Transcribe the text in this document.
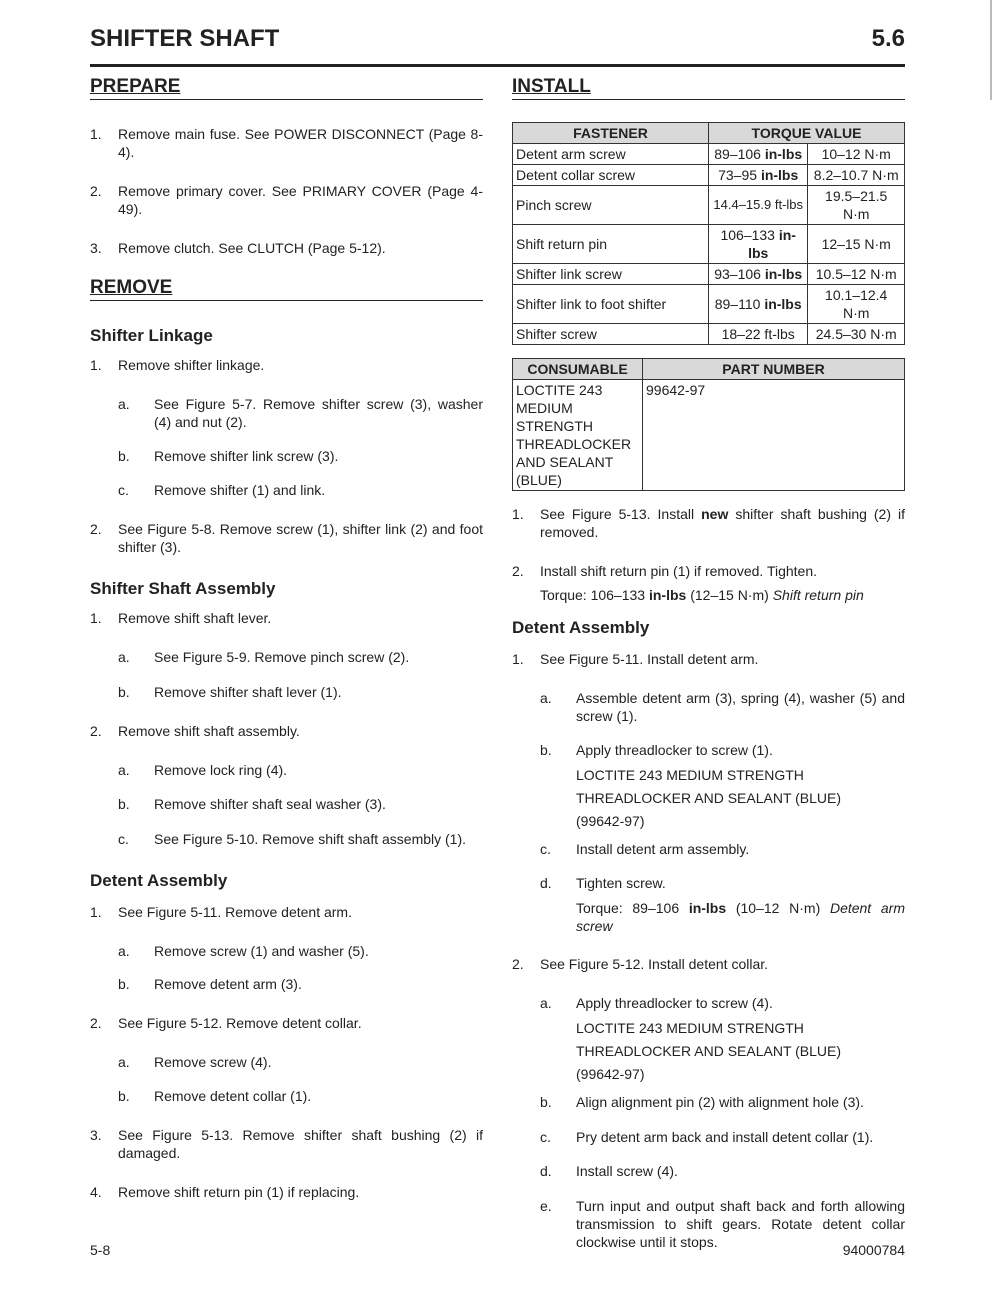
SHIFTER SHAFT	5.6
PREPARE

1. Remove main fuse. See POWER DISCONNECT (Page 8-4).

2. Remove primary cover. See PRIMARY COVER (Page 4-49).

3. Remove clutch. See CLUTCH (Page 5-12).

REMOVE
Shifter Linkage

1. Remove shifter linkage.

a. See Figure 5-7. Remove shifter screw (3), washer (4) and nut (2).

b. Remove shifter link screw (3).

c. Remove shifter (1) and link.

2. See Figure 5-8. Remove screw (1), shifter link (2) and foot shifter (3).

Shifter Shaft Assembly

1. Remove shift shaft lever.

a. See Figure 5-9. Remove pinch screw (2).

b. Remove shifter shaft lever (1).

2. Remove shift shaft assembly.

a. Remove lock ring (4).

b. Remove shifter shaft seal washer (3).

c. See Figure 5-10. Remove shift shaft assembly (1).

Detent Assembly

1. See Figure 5-11. Remove detent arm.

a. Remove screw (1) and washer (5).

b. Remove detent arm (3).

2. See Figure 5-12. Remove detent collar.

a. Remove screw (4).

b. Remove detent collar (1).

3. See Figure 5-13. Remove shifter shaft bushing (2) if damaged.

4. Remove shift return pin (1) if replacing.

INSTALL
FASTENER	TORQUE VALUE	
Detent arm screw	89–106 in-lbs	10–12 N·m
Detent collar screw	73–95 in-lbs	8.2–10.7 N·m
Pinch screw	14.4–15.9 ft-lbs	19.5–21.5 N·m
Shift return pin	106–133 in-lbs	12–15 N·m
Shifter link screw	93–106 in-lbs	10.5–12 N·m
Shifter link to foot shifter	89–110 in-lbs	10.1–12.4 N·m
Shifter screw	18–22 ft-lbs	24.5–30 N·m
CONSUMABLE	PART NUMBER
LOCTITE 243 MEDIUM STRENGTH THREADLOCKER AND SEALANT (BLUE)	99642-97

1. See Figure 5-13. Install new shifter shaft bushing (2) if removed.

2. Install shift return pin (1) if removed. Tighten.

Torque: 106–133 in-lbs (12–15 N·m) Shift return pin

Detent Assembly

1. See Figure 5-11. Install detent arm.

a. Assemble detent arm (3), spring (4), washer (5) and screw (1).

b. Apply threadlocker to screw (1).

LOCTITE 243 MEDIUM STRENGTH
THREADLOCKER AND SEALANT (BLUE)
(99642-97)

c. Install detent arm assembly.

d. Tighten screw.

Torque: 89–106 in-lbs (10–12 N·m) Detent arm screw

2. See Figure 5-12. Install detent collar.

a. Apply threadlocker to screw (4).

LOCTITE 243 MEDIUM STRENGTH
THREADLOCKER AND SEALANT (BLUE)
(99642-97)

b. Align alignment pin (2) with alignment hole (3).

c. Pry detent arm back and install detent collar (1).

d. Install screw (4).

e. Turn input and output shaft back and forth allowing transmission to shift gears. Rotate detent collar clockwise until it stops.

5-8	94000784
